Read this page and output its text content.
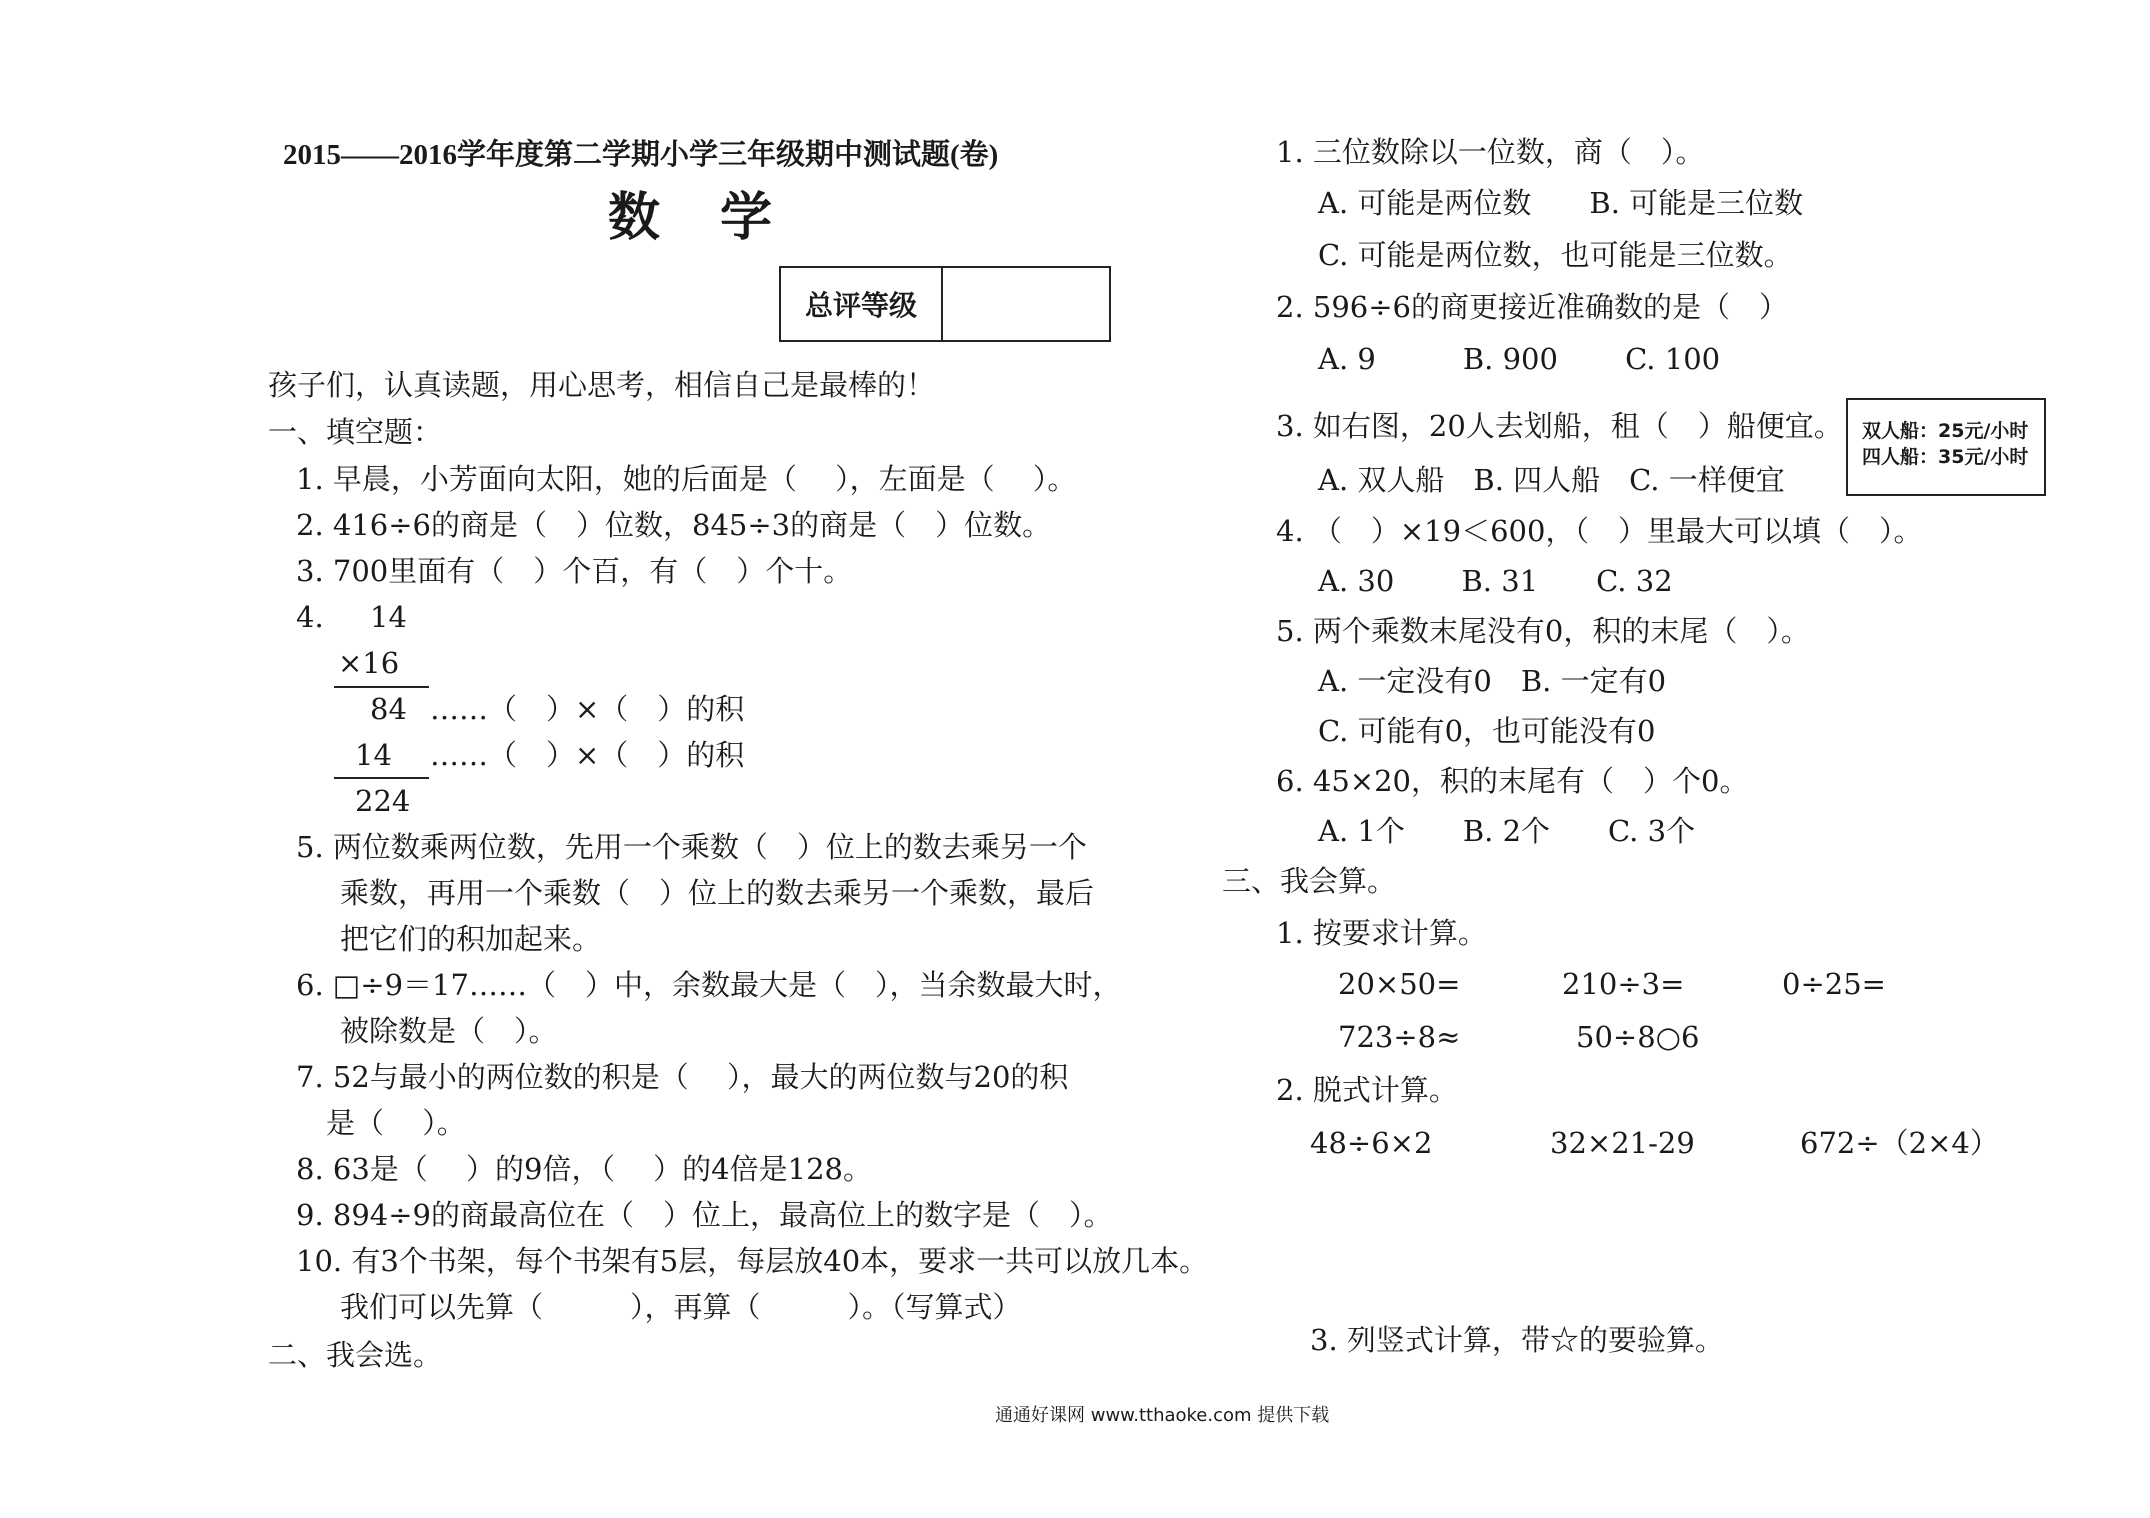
2015——2016学年度第二学期小学三年级期中测试题(卷)
数学
总评等级
孩子们，认真读题，用心思考，相信自己是最棒的！
一、填空题：
1. 早晨，小芳面向太阳，她的后面是（　 ），左面是（　 ）。
2. 416÷6的商是（　）位数，845÷3的商是（　）位数。
3. 700里面有（　）个百，有（　）个十。
4. 14
×16
84 ……（　）×（　）的积
14 ……（　）×（　）的积
224
5. 两位数乘两位数，先用一个乘数（　）位上的数去乘另一个
乘数，再用一个乘数（　）位上的数去乘另一个乘数，最后
把它们的积加起来。
6. □÷9＝17……（　）中，余数最大是（　），当余数最大时，
被除数是（　）。
7. 52与最小的两位数的积是（　 ），最大的两位数与20的积
是（　 ）。
8. 63是（　 ）的9倍，（　 ）的4倍是128。
9. 894÷9的商最高位在（　）位上，最高位上的数字是（　）。
10. 有3个书架，每个书架有5层，每层放40本，要求一共可以放几本。
我们可以先算（　　　），再算（　　　）。（写算式）
二、我会选。
1. 三位数除以一位数，商（　）。
A. 可能是两位数　　B. 可能是三位数
C. 可能是两位数，也可能是三位数。
2. 596÷6的商更接近准确数的是（　）
A. 9　　　B. 900　　 C. 100
3. 如右图，20人去划船，租（　）船便宜。
A. 双人船　B. 四人船　C. 一样便宜
双人船：25元/小时
四人船：35元/小时
4. （　）×19＜600，（　）里最大可以填（　）。
A. 30　　 B. 31　　C. 32
5. 两个乘数末尾没有0，积的末尾（　）。
A. 一定没有0　B. 一定有0
C. 可能有0，也可能没有0
6. 45×20，积的末尾有（　）个0。
A. 1个　　B. 2个　　C. 3个
三、我会算。
1. 按要求计算。
20×50=	210÷3=	0÷25=
723÷8≈	50÷8○6
2. 脱式计算。
48÷6×2	32×21-29	672÷（2×4）
3. 列竖式计算，带☆的要验算。
通通好课网 www.tthaoke.com 提供下载
